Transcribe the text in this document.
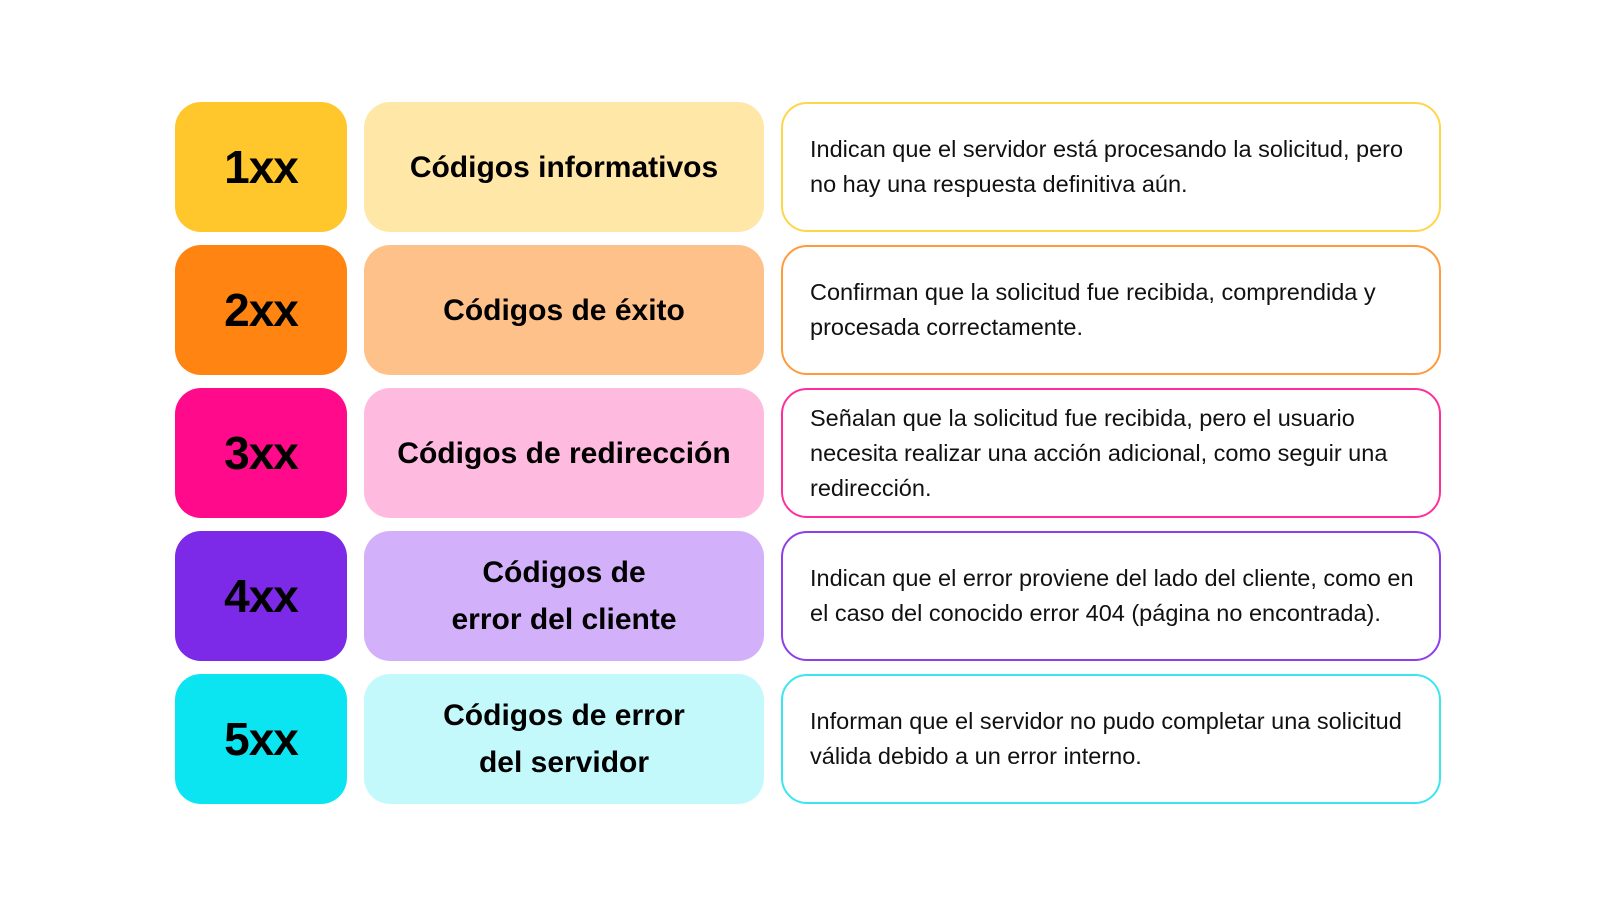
1xx	Códigos informativos
Indican que el servidor está procesando la solicitud, pero no hay una respuesta definitiva aún.
2xx	Códigos de éxito
Confirman que la solicitud fue recibida, comprendida y procesada correctamente.
3xx	Códigos de redirección
Señalan que la solicitud fue recibida, pero el usuario necesita realizar una acción adicional, como seguir una redirección.
4xx	Códigos de
error del cliente
Indican que el error proviene del lado del cliente, como en el caso del conocido error 404 (página no encontrada).
5xx	Códigos de error
del servidor
Informan que el servidor no pudo completar una solicitud válida debido a un error interno.
